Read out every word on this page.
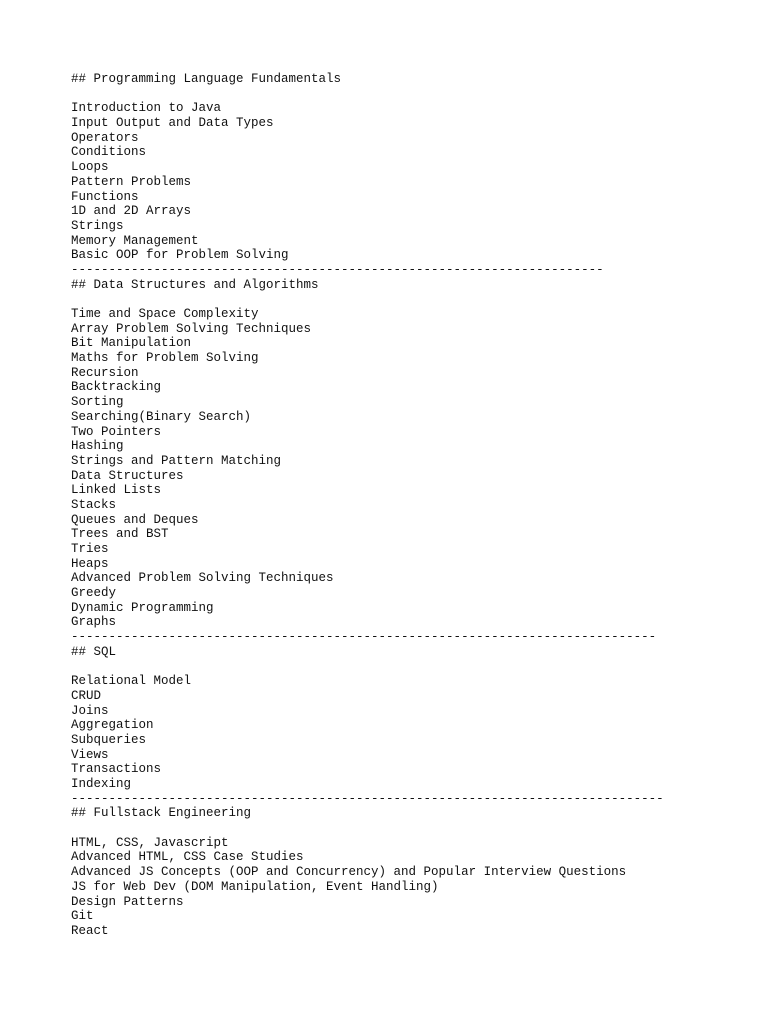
## Programming Language Fundamentals
Introduction to Java
Input Output and Data Types
Operators
Conditions
Loops
Pattern Problems
Functions
1D and 2D Arrays
Strings
Memory Management
Basic OOP for Problem Solving
-----------------------------------------------------------------------
## Data Structures and Algorithms
Time and Space Complexity
Array Problem Solving Techniques
Bit Manipulation
Maths for Problem Solving
Recursion
Backtracking
Sorting
Searching(Binary Search)
Two Pointers
Hashing
Strings and Pattern Matching
Data Structures
Linked Lists
Stacks
Queues and Deques
Trees and BST
Tries
Heaps
Advanced Problem Solving Techniques
Greedy
Dynamic Programming
Graphs
------------------------------------------------------------------------------
## SQL
Relational Model
CRUD
Joins
Aggregation
Subqueries
Views
Transactions
Indexing
-------------------------------------------------------------------------------
## Fullstack Engineering
HTML, CSS, Javascript
Advanced HTML, CSS Case Studies
Advanced JS Concepts (OOP and Concurrency) and Popular Interview Questions
JS for Web Dev (DOM Manipulation, Event Handling)
Design Patterns
Git
React
